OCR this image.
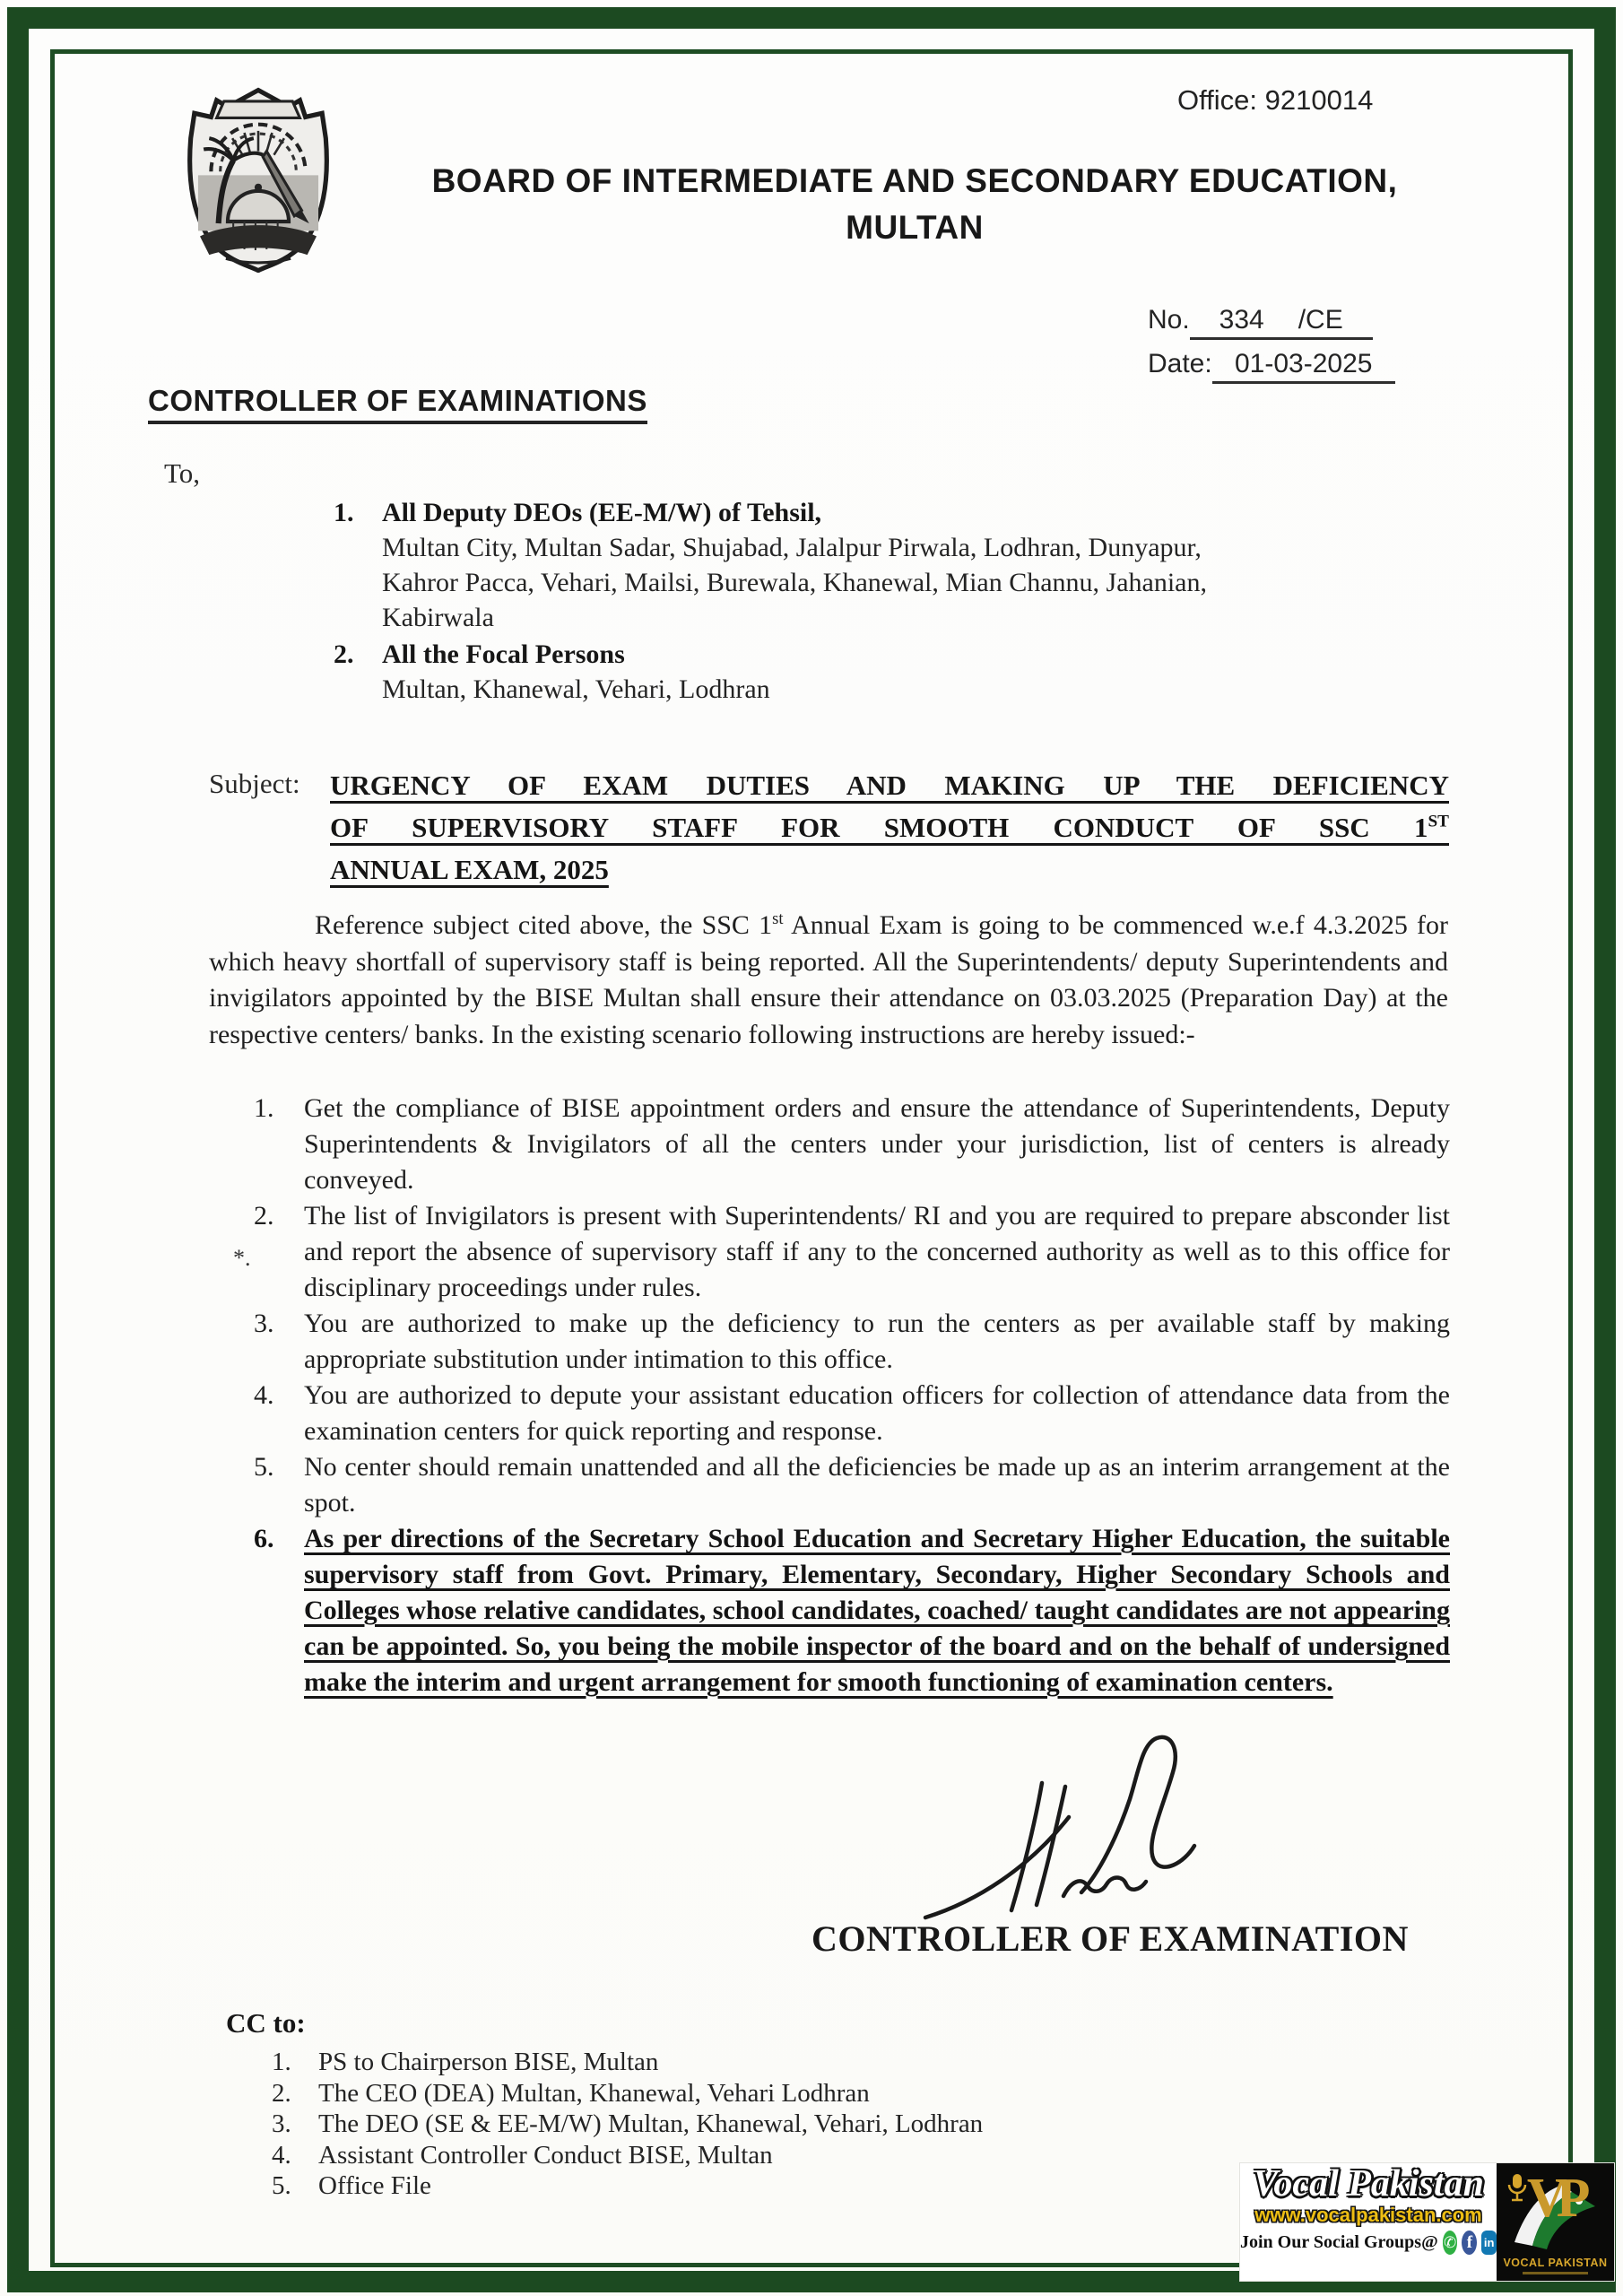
Office: 9210014
BOARD OF INTERMEDIATE AND SECONDARY EDUCATION,
MULTAN
No. 334 /CE
Date: 01-03-2025
CONTROLLER OF EXAMINATIONS
To,
1.	All Deputy DEOs (EE-M/W) of Tehsil,
Multan City, Multan Sadar, Shujabad, Jalalpur Pirwala, Lodhran, Dunyapur,
Kahror Pacca, Vehari, Mailsi, Burewala, Khanewal, Mian Channu, Jahanian,
Kabirwala
2.	All the Focal Persons
Multan, Khanewal, Vehari, Lodhran
Subject: URGENCY OF EXAM DUTIES AND MAKING UP THE DEFICIENCY
OF SUPERVISORY STAFF FOR SMOOTH CONDUCT OF SSC 1ST
ANNUAL EXAM, 2025
Reference subject cited above, the SSC 1st Annual Exam is going to be commenced w.e.f 4.3.2025 for which heavy shortfall of supervisory staff is being reported. All the Superintendents/ deputy Superintendents and invigilators appointed by the BISE Multan shall ensure their attendance on 03.03.2025 (Preparation Day) at the respective centers/ banks. In the existing scenario following instructions are hereby issued:-
1.	Get the compliance of BISE appointment orders and ensure the attendance of Superintendents, Deputy Superintendents & Invigilators of all the centers under your jurisdiction, list of centers is already conveyed.
2.	The list of Invigilators is present with Superintendents/ RI and you are required to prepare absconder list and report the absence of supervisory staff if any to the concerned authority as well as to this office for disciplinary proceedings under rules.
3.	You are authorized to make up the deficiency to run the centers as per available staff by making appropriate substitution under intimation to this office.
4.	You are authorized to depute your assistant education officers for collection of attendance data from the examination centers for quick reporting and response.
5.	No center should remain unattended and all the deficiencies be made up as an interim arrangement at the spot.
6.	As per directions of the Secretary School Education and Secretary Higher Education, the suitable supervisory staff from Govt. Primary, Elementary, Secondary, Higher Secondary Schools and Colleges whose relative candidates, school candidates, coached/ taught candidates are not appearing can be appointed. So, you being the mobile inspector of the board and on the behalf of undersigned make the interim and urgent arrangement for smooth functioning of examination centers.
*.
CONTROLLER OF EXAMINATION
CC to:
1.	PS to Chairperson BISE, Multan
2.	The CEO (DEA) Multan, Khanewal, Vehari Lodhran
3.	The DEO (SE & EE-M/W) Multan, Khanewal, Vehari, Lodhran
4.	Assistant Controller Conduct BISE, Multan
5.	Office File	Vocal Pakistan
www.vocalpakistan.com
Join Our Social Groups@ ✆ f in
VP
VOCAL PAKISTAN
